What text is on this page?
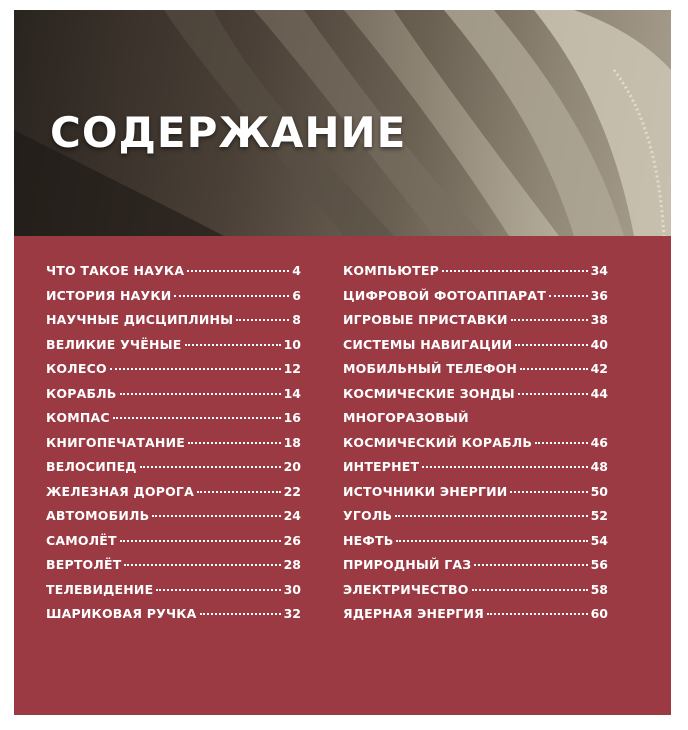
СОДЕРЖАНИЕ
ЧТО ТАКОЕ НАУКА	4
ИСТОРИЯ НАУКИ	6
НАУЧНЫЕ ДИСЦИПЛИНЫ	8
ВЕЛИКИЕ УЧЁНЫЕ	10
КОЛЕСО	12
КОРАБЛЬ	14
КОМПАС	16
КНИГОПЕЧАТАНИЕ	18
ВЕЛОСИПЕД	20
ЖЕЛЕЗНАЯ ДОРОГА	22
АВТОМОБИЛЬ	24
САМОЛЁТ	26
ВЕРТОЛЁТ	28
ТЕЛЕВИДЕНИЕ	30
ШАРИКОВАЯ РУЧКА	32
КОМПЬЮТЕР	34
ЦИФРОВОЙ ФОТОАППАРАТ	36
ИГРОВЫЕ ПРИСТАВКИ	38
СИСТЕМЫ НАВИГАЦИИ	40
МОБИЛЬНЫЙ ТЕЛЕФОН	42
КОСМИЧЕСКИЕ ЗОНДЫ	44
МНОГОРАЗОВЫЙ
КОСМИЧЕСКИЙ КОРАБЛЬ	46
ИНТЕРНЕТ	48
ИСТОЧНИКИ ЭНЕРГИИ	50
УГОЛЬ	52
НЕФТЬ	54
ПРИРОДНЫЙ ГАЗ	56
ЭЛЕКТРИЧЕСТВО	58
ЯДЕРНАЯ ЭНЕРГИЯ	60
